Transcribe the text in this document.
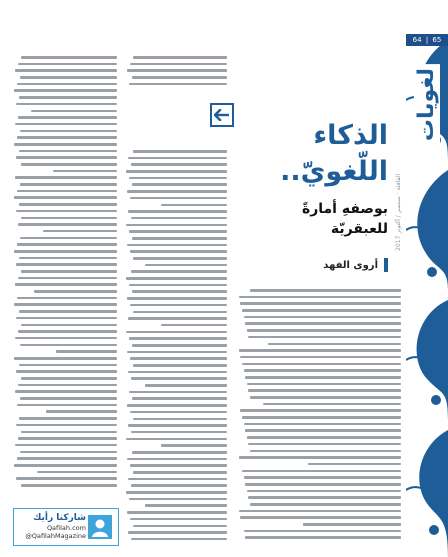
64 | 65
لغويات
القافلة · سبتمبر / أكتوبر 2017
الذكاء
اللّغويّ..
بوصفهِ أمارةً
للعبقريّة
أروى الفهد
شاركنا رأيك
Qafilah.com
@QafilahMagazine
